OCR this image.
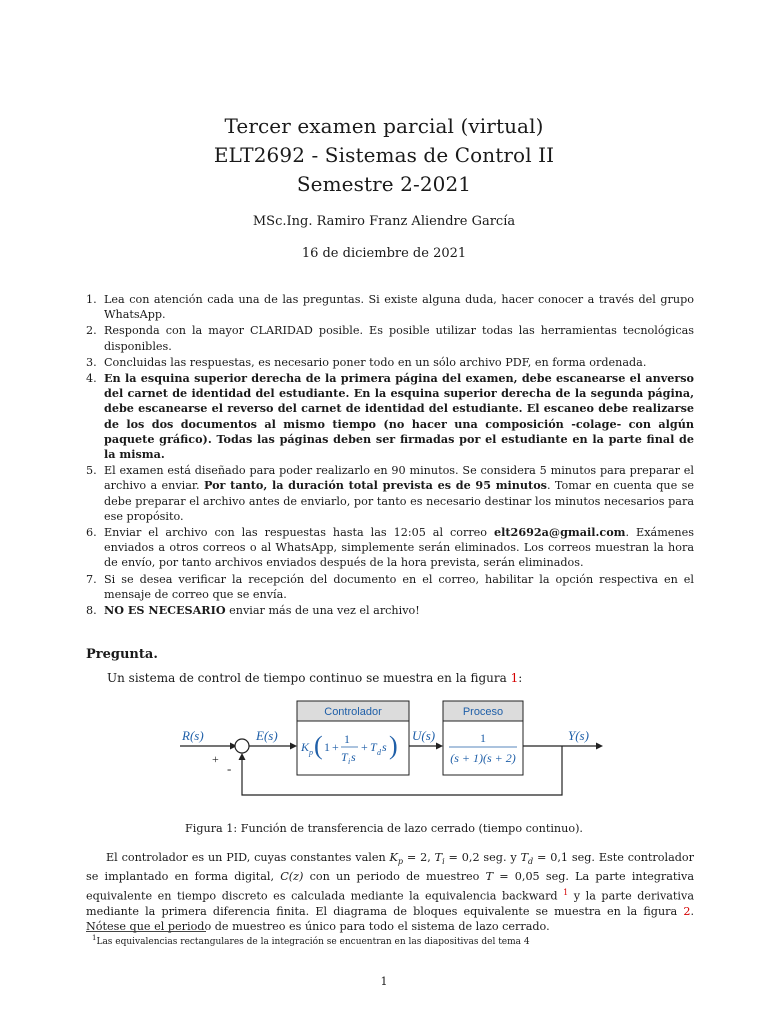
Tercer examen parcial (virtual)
ELT2692 - Sistemas de Control II
Semestre 2-2021
MSc.Ing. Ramiro Franz Aliendre García
16 de diciembre de 2021
1. Lea con atención cada una de las preguntas. Si existe alguna duda, hacer conocer a través del grupo WhatsApp.
2. Responda con la mayor CLARIDAD posible. Es posible utilizar todas las herramientas tecnológicas disponibles.
3. Concluidas las respuestas, es necesario poner todo en un sólo archivo PDF, en forma ordenada.
4. En la esquina superior derecha de la primera página del examen, debe escanearse el anverso del carnet de identidad del estudiante. En la esquina superior derecha de la segunda página, debe escanearse el reverso del carnet de identidad del estudiante. El escaneo debe realizarse de los dos documentos al mismo tiempo (no hacer una composición -colage- con algún paquete gráfico). Todas las páginas deben ser firmadas por el estudiante en la parte final de la misma.
5. El examen está diseñado para poder realizarlo en 90 minutos. Se considera 5 minutos para preparar el archivo a enviar. Por tanto, la duración total prevista es de 95 minutos. Tomar en cuenta que se debe preparar el archivo antes de enviarlo, por tanto es necesario destinar los minutos necesarios para ese propósito.
6. Enviar el archivo con las respuestas hasta las 12:05 al correo elt2692a@gmail.com. Exámenes enviados a otros correos o al WhatsApp, simplemente serán eliminados. Los correos muestran la hora de envío, por tanto archivos enviados después de la hora prevista, serán eliminados.
7. Si se desea verificar la recepción del documento en el correo, habilitar la opción respectiva en el mensaje de correo que se envía.
8. NO ES NECESARIO enviar más de una vez el archivo!
Pregunta.
Un sistema de control de tiempo continuo se muestra en la figura 1:
R(s)
+
-
E(s)
Controlador
K p ( 1 +
1
T i s
+ T d s ) U(s)
Proceso
1
(s + 1)(s + 2)
Y(s)
Figura 1: Función de transferencia de lazo cerrado (tiempo continuo).
El controlador es un PID, cuyas constantes valen $K_p = 2$, $T_i = 0,2$ seg. y $T_d = 0,1$ seg. Este controlador se implantado en forma digital, C(z) con un periodo de muestreo T = 0,05 seg. La parte integrativa equivalente en tiempo discreto es calculada mediante la equivalencia backward $^1$ y la parte derivativa mediante la primera diferencia finita. El diagrama de bloques equivalente se muestra en la figura 2. Nótese que el periodo de muestreo es único para todo el sistema de lazo cerrado.
$^1$Las equivalencias rectangulares de la integración se encuentran en las diapositivas del tema 4
1
